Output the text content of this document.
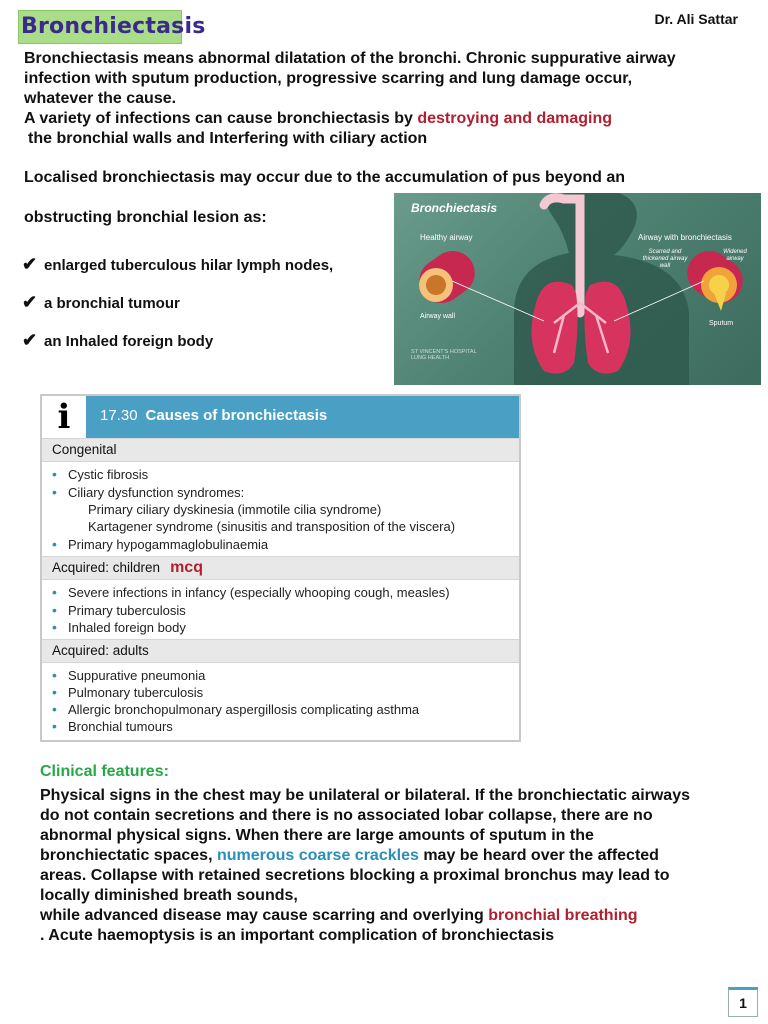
Bronchiectasis	Dr. Ali Sattar
Bronchiectasis means abnormal dilatation of the bronchi. Chronic suppurative airway
infection with sputum production, progressive scarring and lung damage occur,
whatever the cause.
A variety of infections can cause bronchiectasis by destroying and damaging
the bronchial walls and Interfering with ciliary action
Localised bronchiectasis may occur due to the accumulation of pus beyond an
obstructing bronchial lesion as:
✔ enlarged tuberculous hilar lymph nodes,
✔ a bronchial tumour
✔ an Inhaled foreign body
Bronchiectasis
Healthy airway	Airway with bronchiectasis
Scarred and thickened airway wall
Widened airway
Airway wall
Sputum
ST VINCENT'S HOSPITAL LUNG HEALTH
i	17.30 Causes of bronchiectasis
Congenital
• Cystic fibrosis
• Ciliary dysfunction syndromes:
Primary ciliary dyskinesia (immotile cilia syndrome)
Kartagener syndrome (sinusitis and transposition of the viscera)
• Primary hypogammaglobulinaemia
Acquired: children mcq
• Severe infections in infancy (especially whooping cough, measles)
• Primary tuberculosis
• Inhaled foreign body
Acquired: adults
• Suppurative pneumonia
• Pulmonary tuberculosis
• Allergic bronchopulmonary aspergillosis complicating asthma
• Bronchial tumours
Clinical features:
Physical signs in the chest may be unilateral or bilateral. If the bronchiectatic airways
do not contain secretions and there is no associated lobar collapse, there are no
abnormal physical signs. When there are large amounts of sputum in the
bronchiectatic spaces, numerous coarse crackles may be heard over the affected
areas. Collapse with retained secretions blocking a proximal bronchus may lead to
locally diminished breath sounds,
while advanced disease may cause scarring and overlying bronchial breathing
. Acute haemoptysis is an important complication of bronchiectasis
1
